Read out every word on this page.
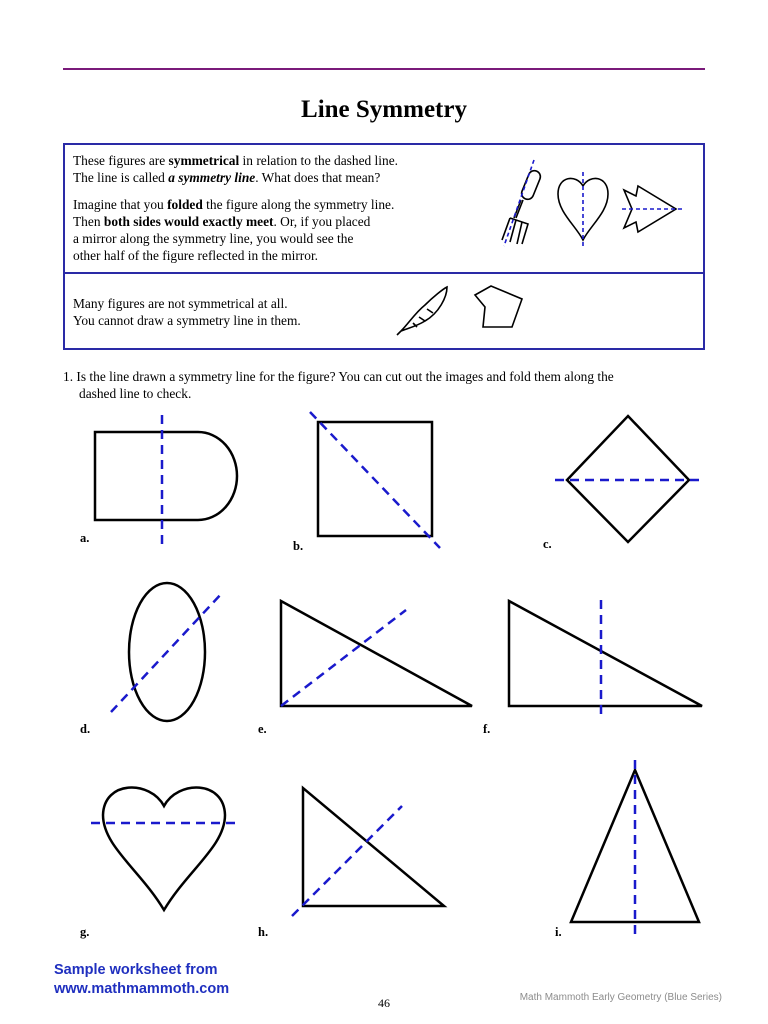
Line Symmetry
These figures are symmetrical in relation to the dashed line.
The line is called a symmetry line. What does that mean?
Imagine that you folded the figure along the symmetry line.
Then both sides would exactly meet. Or, if you placed
a mirror along the symmetry line, you would see the
other half of the figure reflected in the mirror.
Many figures are not symmetrical at all.
You cannot draw a symmetry line in them.
1. Is the line drawn a symmetry line for the figure? You can cut out the images and fold them along the
dashed line to check.
a.
b.	c.
d.	e.	f.
g.	h.	i.
Sample worksheet from
www.mathmammoth.com
46	Math Mammoth Early Geometry (Blue Series)
